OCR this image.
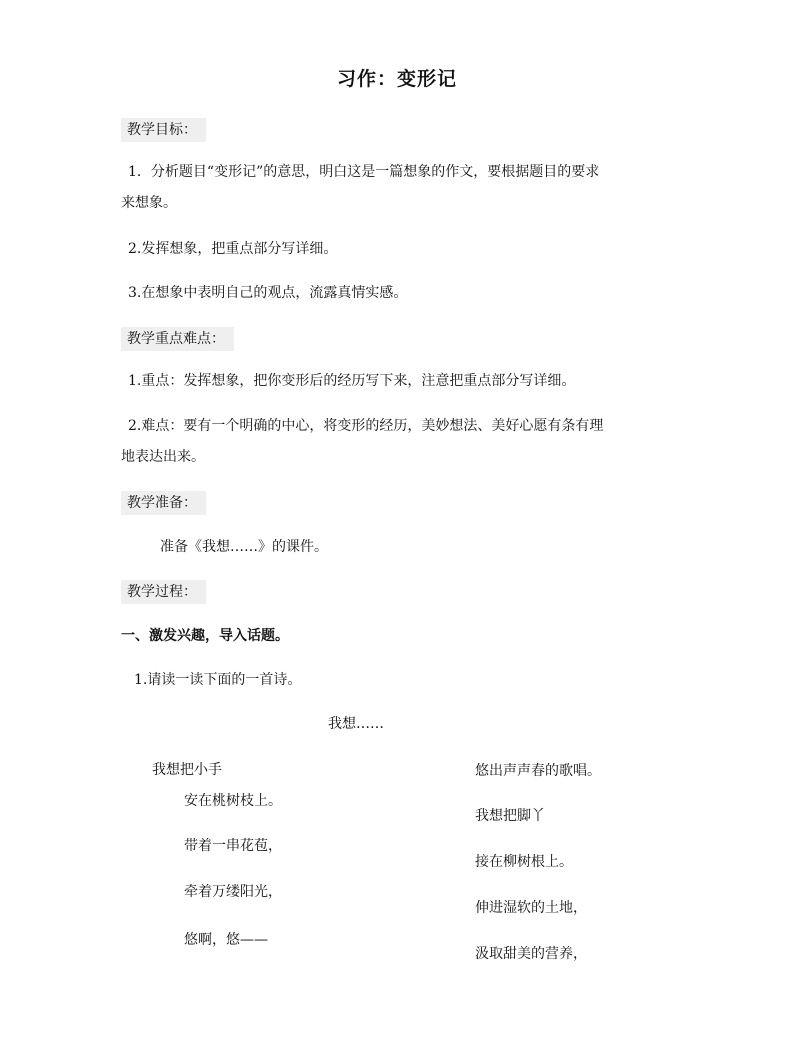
习作：变形记
教学目标：
1．分析题目“变形记”的意思，明白这是一篇想象的作文，要根据题目的要求
来想象。
2.发挥想象，把重点部分写详细。
3.在想象中表明自己的观点，流露真情实感。
教学重点难点：
1.重点：发挥想象，把你变形后的经历写下来，注意把重点部分写详细。
2.难点：要有一个明确的中心，将变形的经历，美妙想法、美好心愿有条有理
地表达出来。
教学准备：
准备《我想……》的课件。
教学过程：
一、激发兴趣，导入话题。
1.请读一读下面的一首诗。
我想……
我想把小手
安在桃树枝上。
带着一串花苞，
牵着万缕阳光，
悠啊，悠——
悠出声声春的歌唱。
我想把脚丫
接在柳树根上。
伸进湿软的土地，
汲取甜美的营养，
